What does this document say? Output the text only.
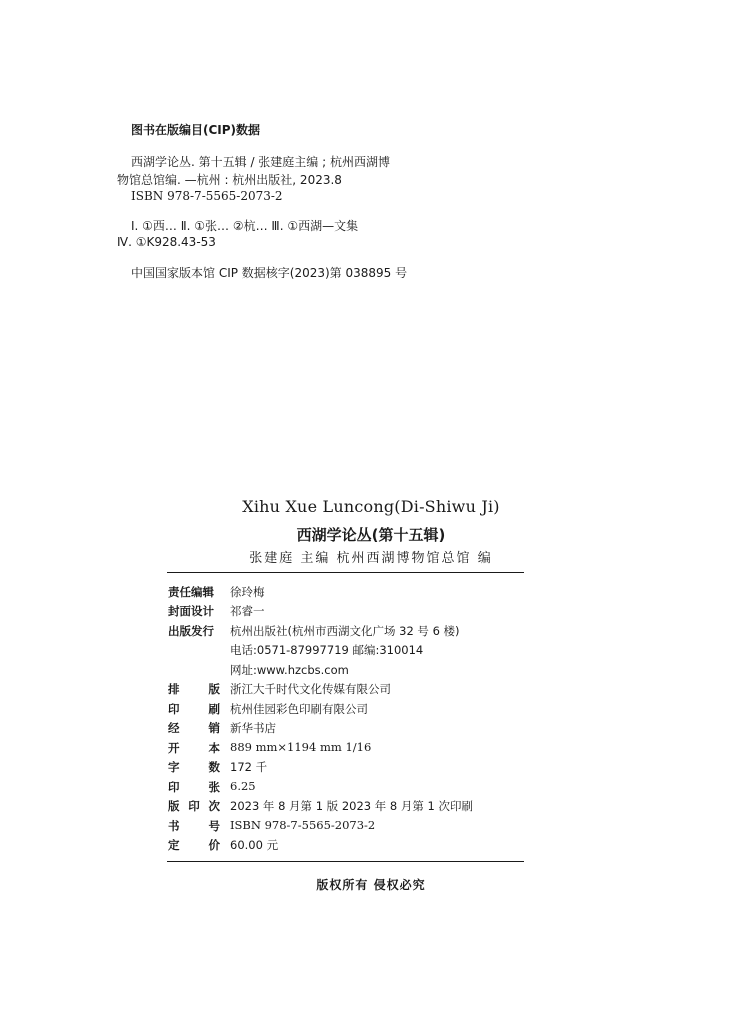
图书在版编目(CIP)数据
西湖学论丛. 第十五辑 / 张建庭主编 ; 杭州西湖博
物馆总馆编. —杭州 : 杭州出版社, 2023.8
ISBN 978-7-5565-2073-2
Ⅰ. ①西… Ⅱ. ①张… ②杭… Ⅲ. ①西湖—文集
Ⅳ. ①K928.43-53
中国国家版本馆 CIP 数据核字(2023)第 038895 号
Xihu Xue Luncong(Di-Shiwu Ji)
西湖学论丛(第十五辑)
张建庭 主编 杭州西湖博物馆总馆 编
责任编辑 徐玲梅
封面设计 祁睿一
出版发行 杭州出版社(杭州市西湖文化广场 32 号 6 楼)
电话:0571-87997719 邮编:310014
网址:www.hzcbs.com
排	版 浙江大千时代文化传媒有限公司
印	刷 杭州佳园彩色印刷有限公司
经	销 新华书店
开	本 889 mm×1194 mm 1/16
字	数 172 千
印	张 6.25
版 印 次 2023 年 8 月第 1 版 2023 年 8 月第 1 次印刷
书	号 ISBN 978-7-5565-2073-2
定	价 60.00 元
版权所有 侵权必究
